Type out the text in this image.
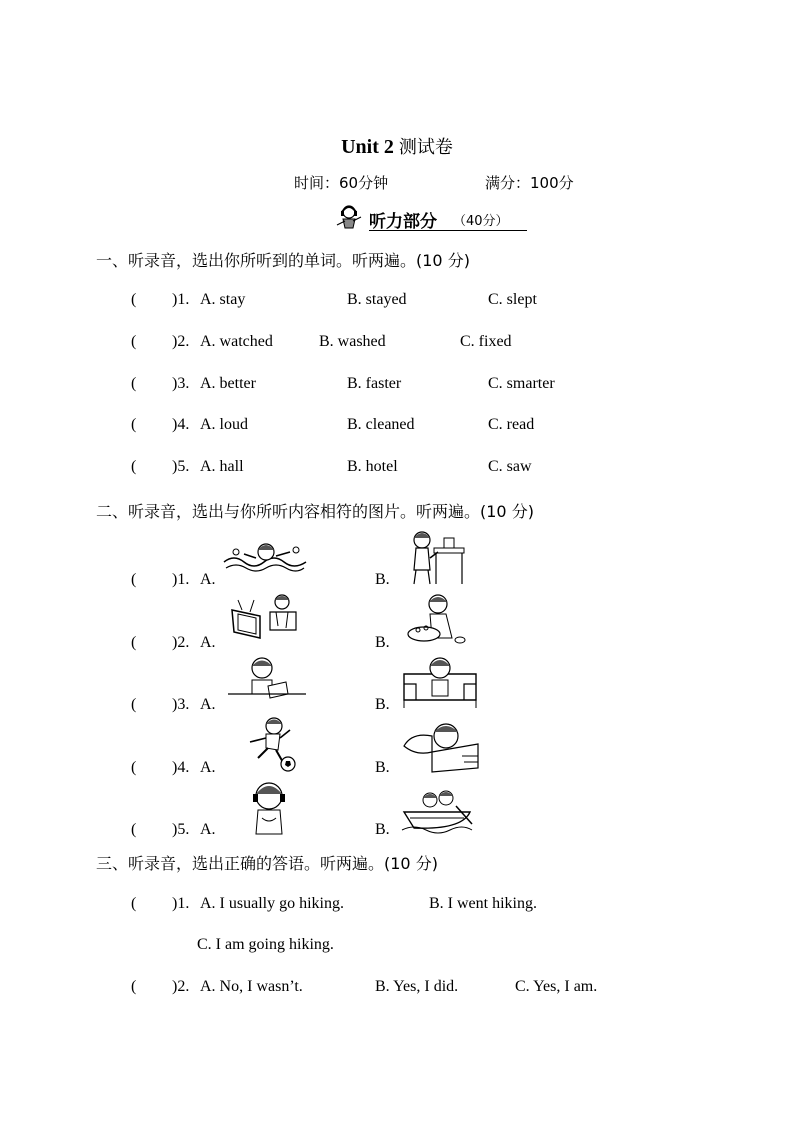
Unit 2 测试卷
时间：60分钟	满分：100分
听力部分 （40分）
一、听录音，选出你所听到的单词。听两遍。(10 分)
( )1. A. stay	B. stayed	C. slept
( )2. A. watched	B. washed	C. fixed
( )3. A. better	B. faster	C. smarter
( )4. A. loud	B. cleaned	C. read
( )5. A. hall	B. hotel	C. saw
二、听录音，选出与你所听内容相符的图片。听两遍。(10 分)
( )1. A.	B.
( )2. A.	B.
( )3. A.	B.
( )4. A.	B.
( )5. A.	B.
三、听录音，选出正确的答语。听两遍。(10 分)
( )1. A. I usually go hiking.	B. I went hiking.
C. I am going hiking.
( )2. A. No, I wasn’t.	B. Yes, I did.	C. Yes, I am.
